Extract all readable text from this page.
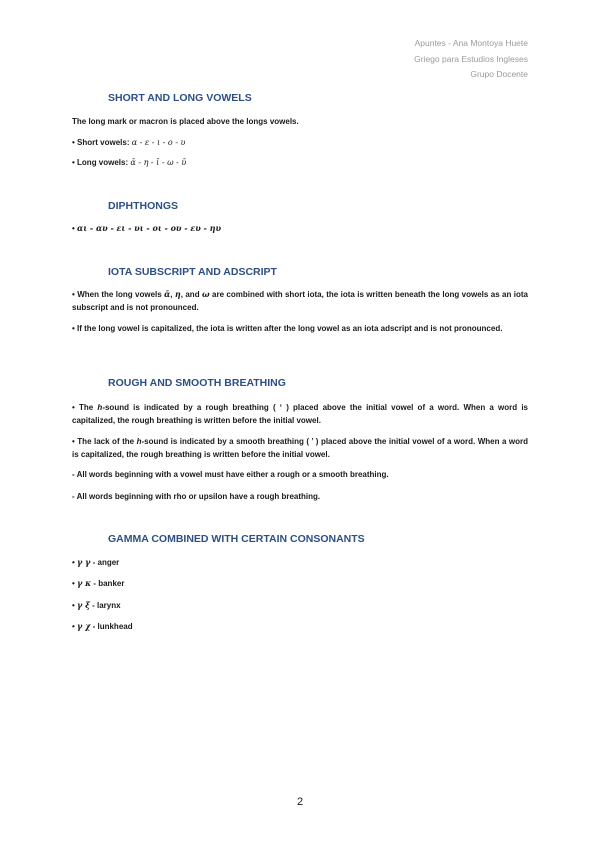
Apuntes - Ana Montoya Huete
Griego para Estudios Ingleses
Grupo Docente
SHORT AND LONG VOWELS
The long mark or macron is placed above the longs vowels.
• Short vowels: α - ε - ι - ο - υ
• Long vowels: ᾱ - η - ῑ - ω - ῡ
DIPHTHONGS
• αι - αυ - ει - υι - οι - ου - ευ - ηυ
IOTA SUBSCRIPT AND ADSCRIPT
• When the long vowels ᾱ, η, and ω are combined with short iota, the iota is written beneath the long vowels as an iota subscript and is not pronounced.
• If the long vowel is capitalized, the iota is written after the long vowel as an iota adscript and is not pronounced.
ROUGH AND SMOOTH BREATHING
• The h-sound is indicated by a rough breathing ( ‘ ) placed above the initial vowel of a word. When a word is capitalized, the rough breathing is written before the initial vowel.
• The lack of the h-sound is indicated by a smooth breathing ( ’ ) placed above the initial vowel of a word. When a word is capitalized, the rough breathing is written before the initial vowel.
- All words beginning with a vowel must have either a rough or a smooth breathing.
- All words beginning with rho or upsilon have a rough breathing.
GAMMA COMBINED WITH CERTAIN CONSONANTS
• γ γ - anger
• γ κ - banker
• γ ξ - larynx
• γ χ - lunkhead
2
